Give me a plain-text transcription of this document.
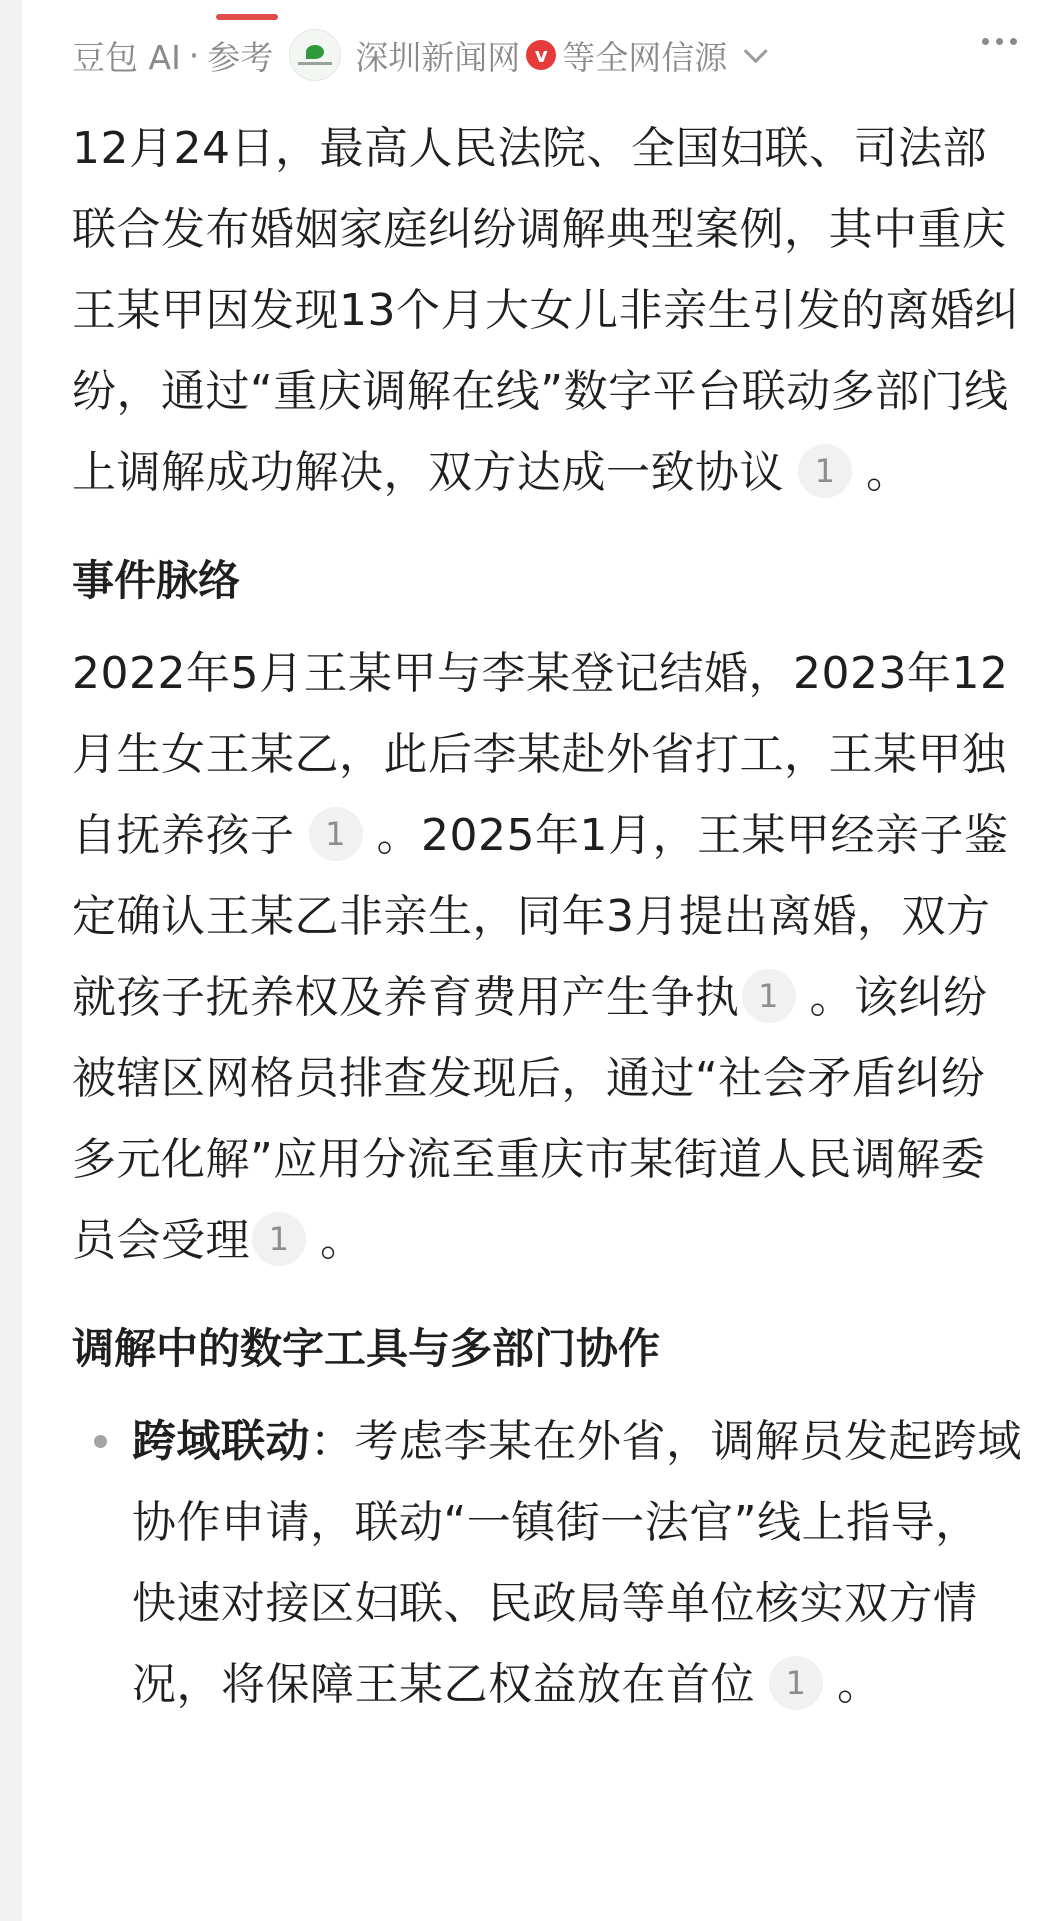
豆包 AI · 参考 深圳新闻网 v 等全网信源

12月24日，最高人民法院、全国妇联、司法部联合发布婚姻家庭纠纷调解典型案例，其中重庆王某甲因发现13个月大女儿非亲生引发的离婚纠纷，通过“重庆调解在线”数字平台联动多部门线上调解成功解决，双方达成一致协议 1 。

事件脉络

2022年5月王某甲与李某登记结婚，2023年12月生女王某乙，此后李某赴外省打工，王某甲独自抚养孩子 1 。2025年1月，王某甲经亲子鉴定确认王某乙非亲生，同年3月提出离婚，双方就孩子抚养权及养育费用产生争执 1 。该纠纷被辖区网格员排查发现后，通过“社会矛盾纠纷多元化解”应用分流至重庆市某街道人民调解委员会受理 1 。

调解中的数字工具与多部门协作

跨域联动：考虑李某在外省，调解员发起跨域协作申请，联动“一镇街一法官”线上指导，快速对接区妇联、民政局等单位核实双方情况，将保障王某乙权益放在首位 1 。
